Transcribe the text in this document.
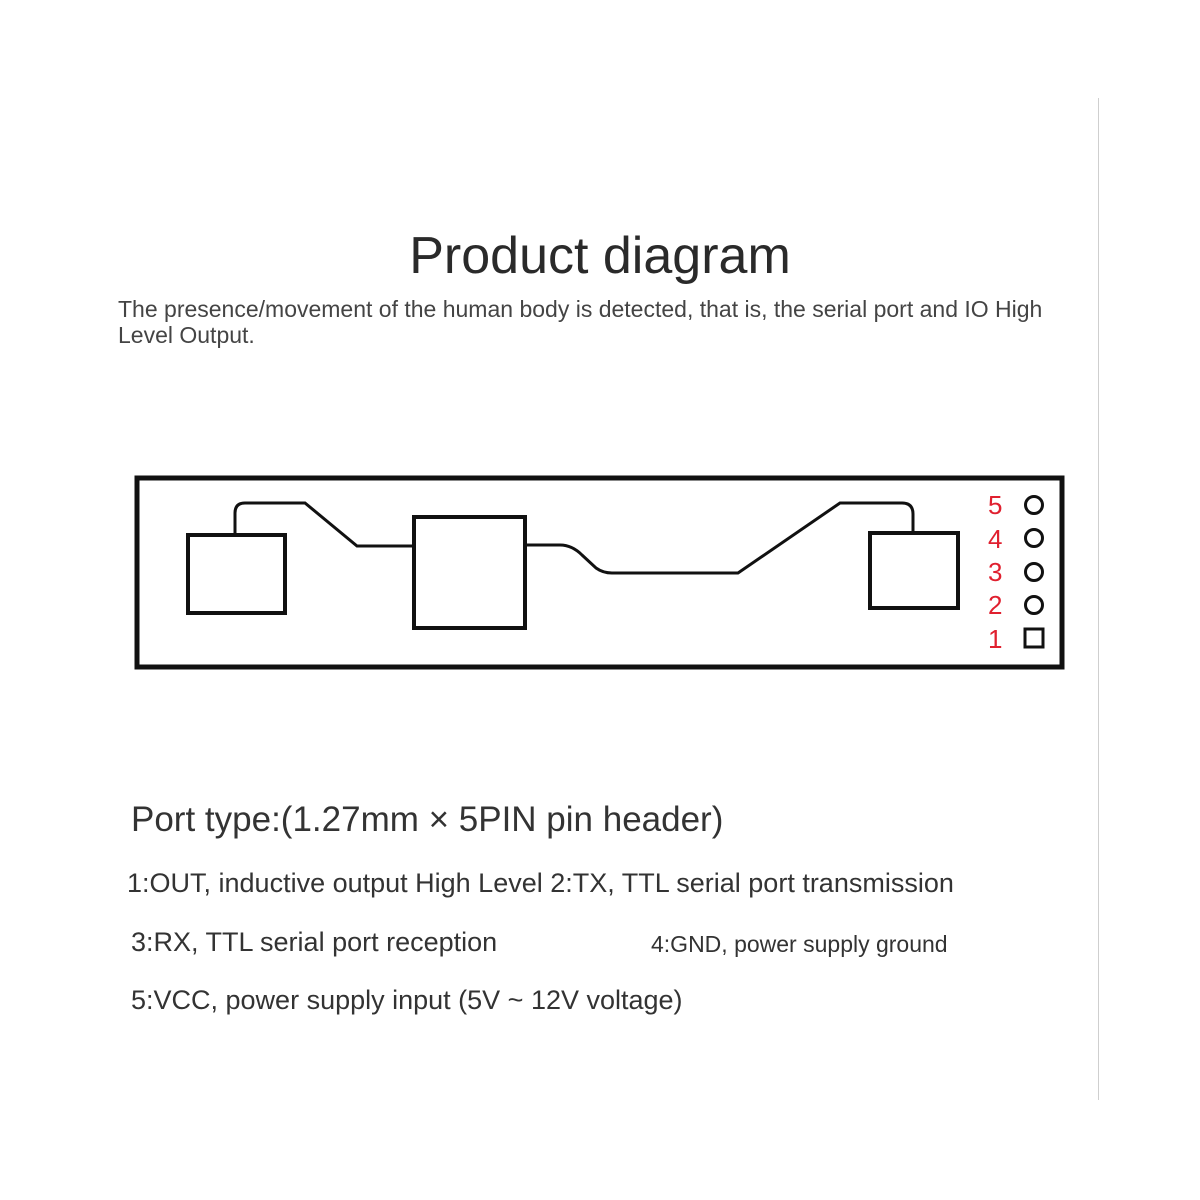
Product diagram
The presence/movement of the human body is detected, that is, the serial port and IO High Level Output.
5
4
3
2
1
Port type:(1.27mm × 5PIN pin header)
1:OUT, inductive output High Level 2:TX, TTL serial port transmission
3:RX, TTL serial port reception	4:GND, power supply ground
5:VCC, power supply input (5V ~ 12V voltage)
